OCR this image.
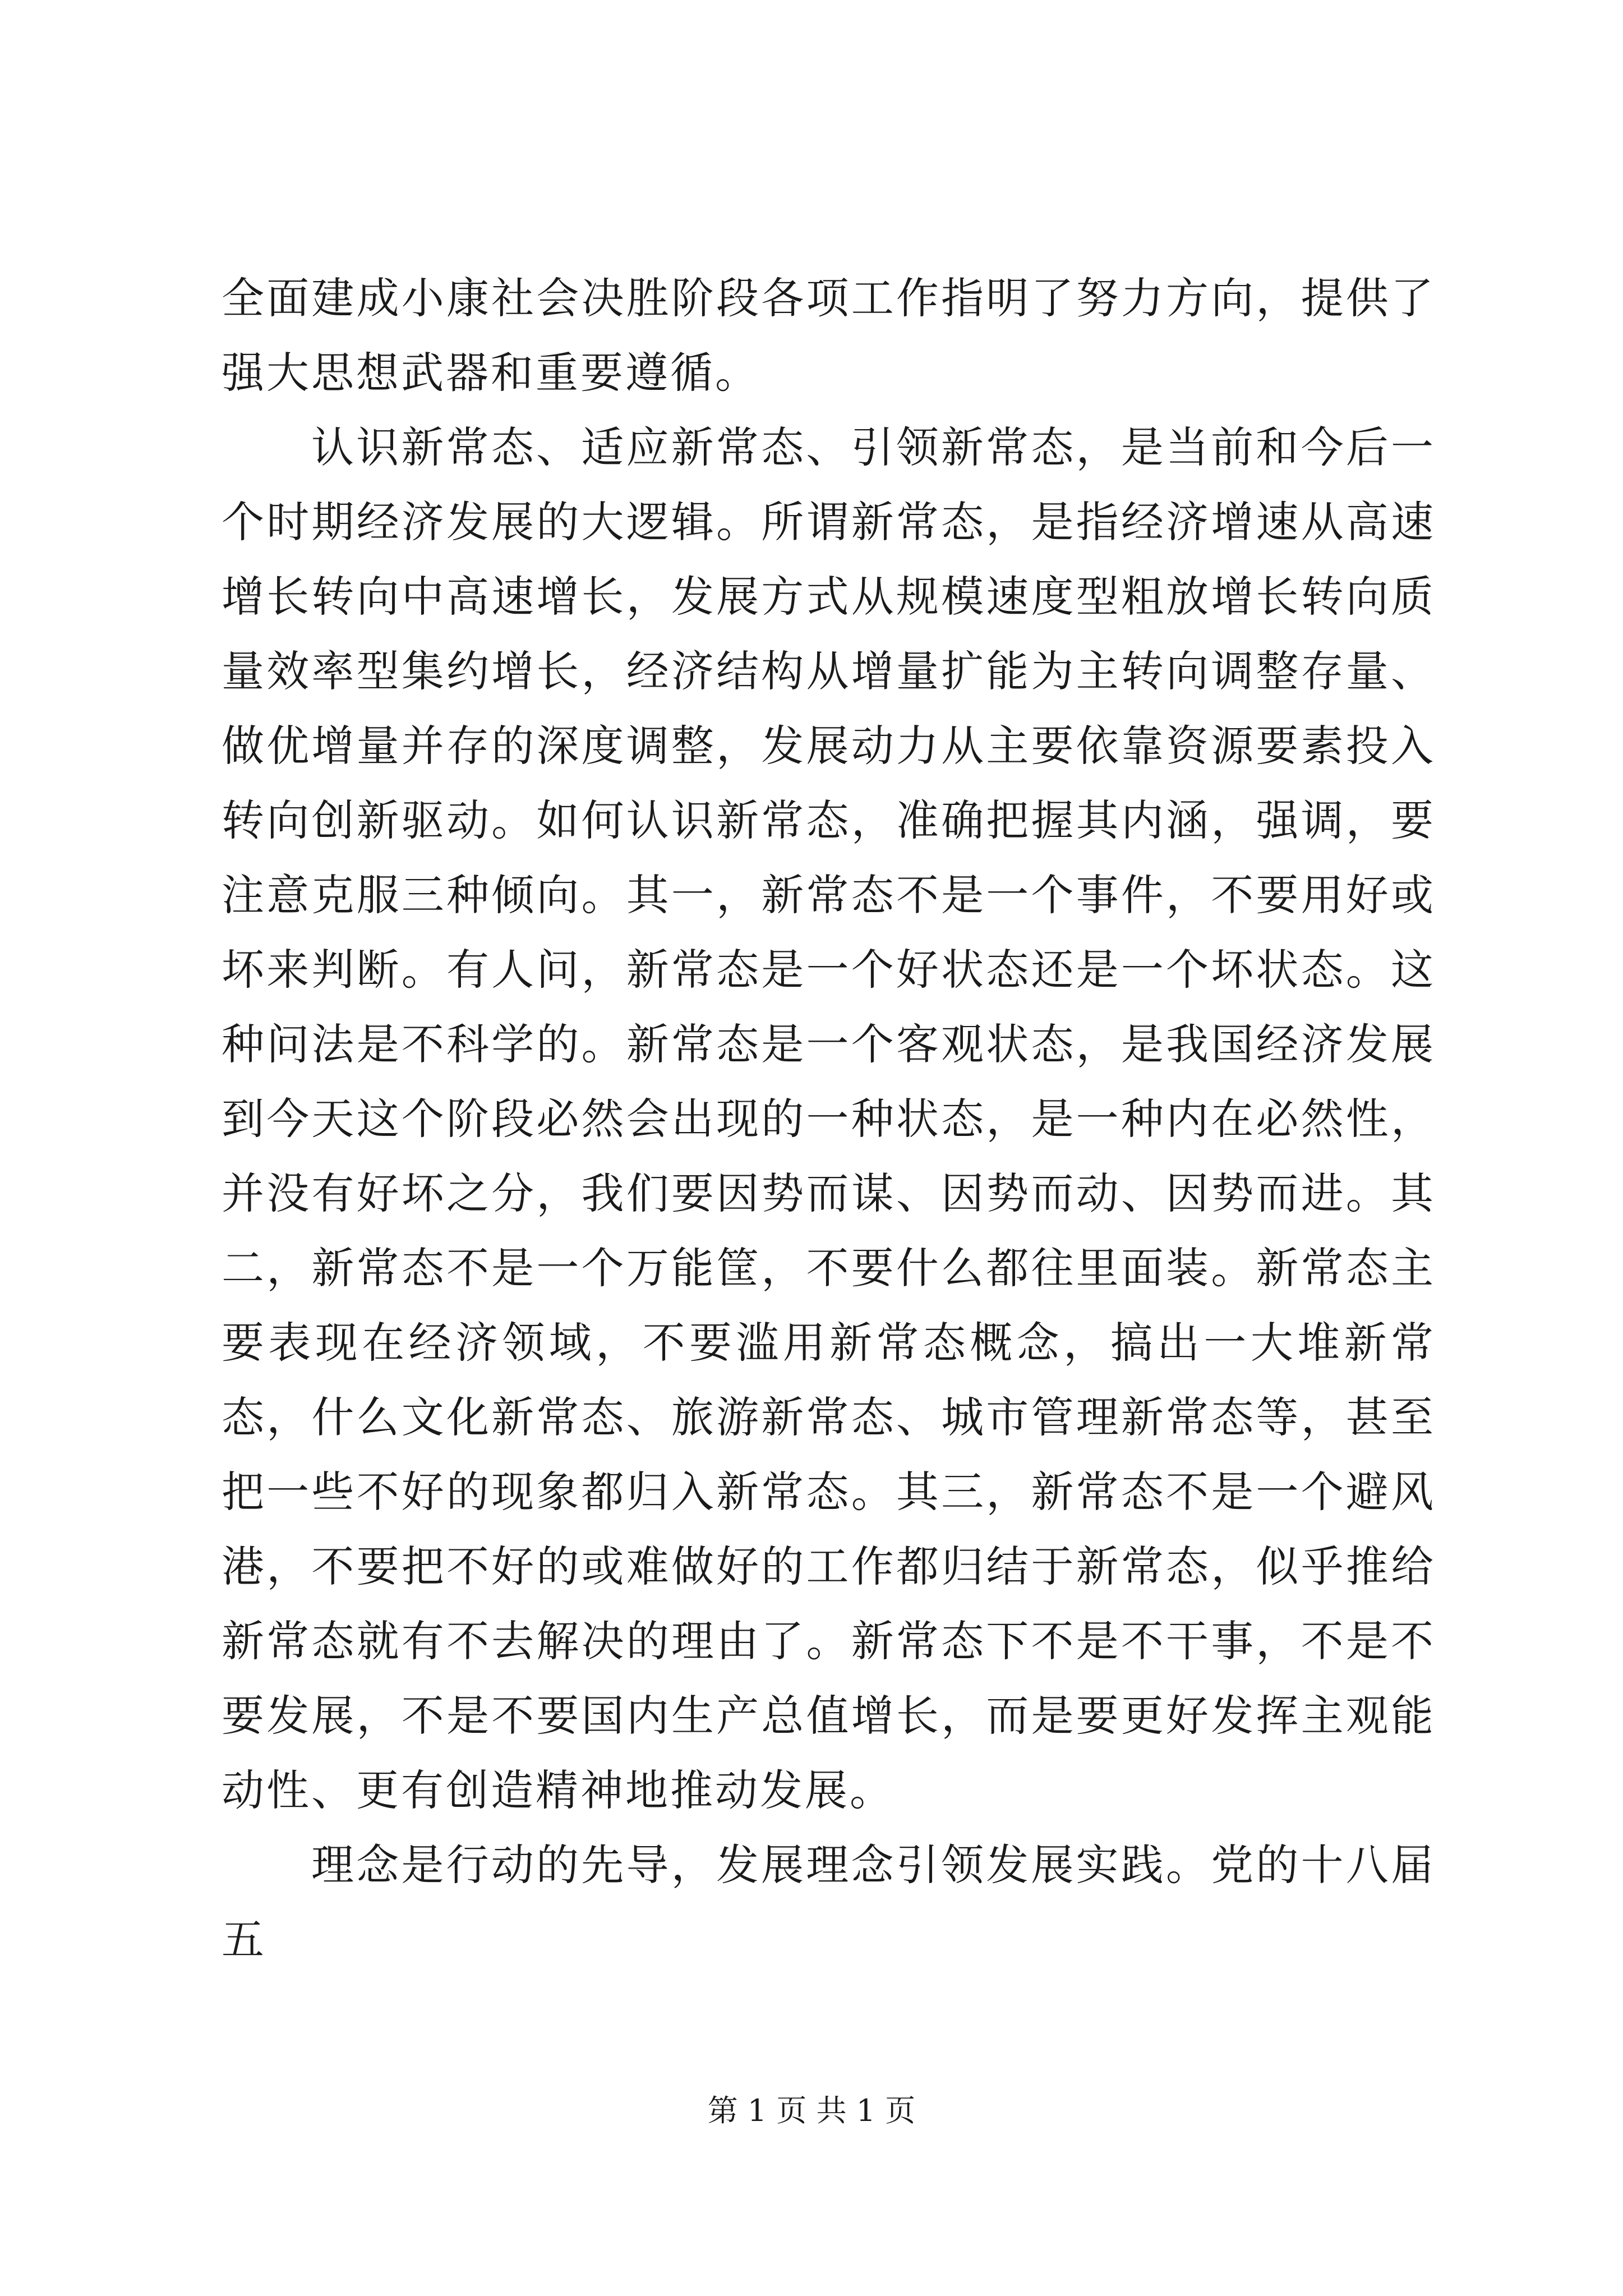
全面建成小康社会决胜阶段各项工作指明了努力方向，提供了强大思想武器和重要遵循。

认识新常态、适应新常态、引领新常态，是当前和今后一个时期经济发展的大逻辑。所谓新常态，是指经济增速从高速增长转向中高速增长，发展方式从规模速度型粗放增长转向质量效率型集约增长，经济结构从增量扩能为主转向调整存量、做优增量并存的深度调整，发展动力从主要依靠资源要素投入转向创新驱动。如何认识新常态，准确把握其内涵，强调，要注意克服三种倾向。其一，新常态不是一个事件，不要用好或坏来判断。有人问，新常态是一个好状态还是一个坏状态。这种问法是不科学的。新常态是一个客观状态，是我国经济发展到今天这个阶段必然会出现的一种状态，是一种内在必然性，并没有好坏之分，我们要因势而谋、因势而动、因势而进。其二，新常态不是一个万能筐，不要什么都往里面装。新常态主要表现在经济领域，不要滥用新常态概念，搞出一大堆新常态，什么文化新常态、旅游新常态、城市管理新常态等，甚至把一些不好的现象都归入新常态。其三，新常态不是一个避风港，不要把不好的或难做好的工作都归结于新常态，似乎推给新常态就有不去解决的理由了。新常态下不是不干事，不是不要发展，不是不要国内生产总值增长，而是要更好发挥主观能动性、更有创造精神地推动发展。

理念是行动的先导，发展理念引领发展实践。党的十八届五

第 1 页 共 1 页
